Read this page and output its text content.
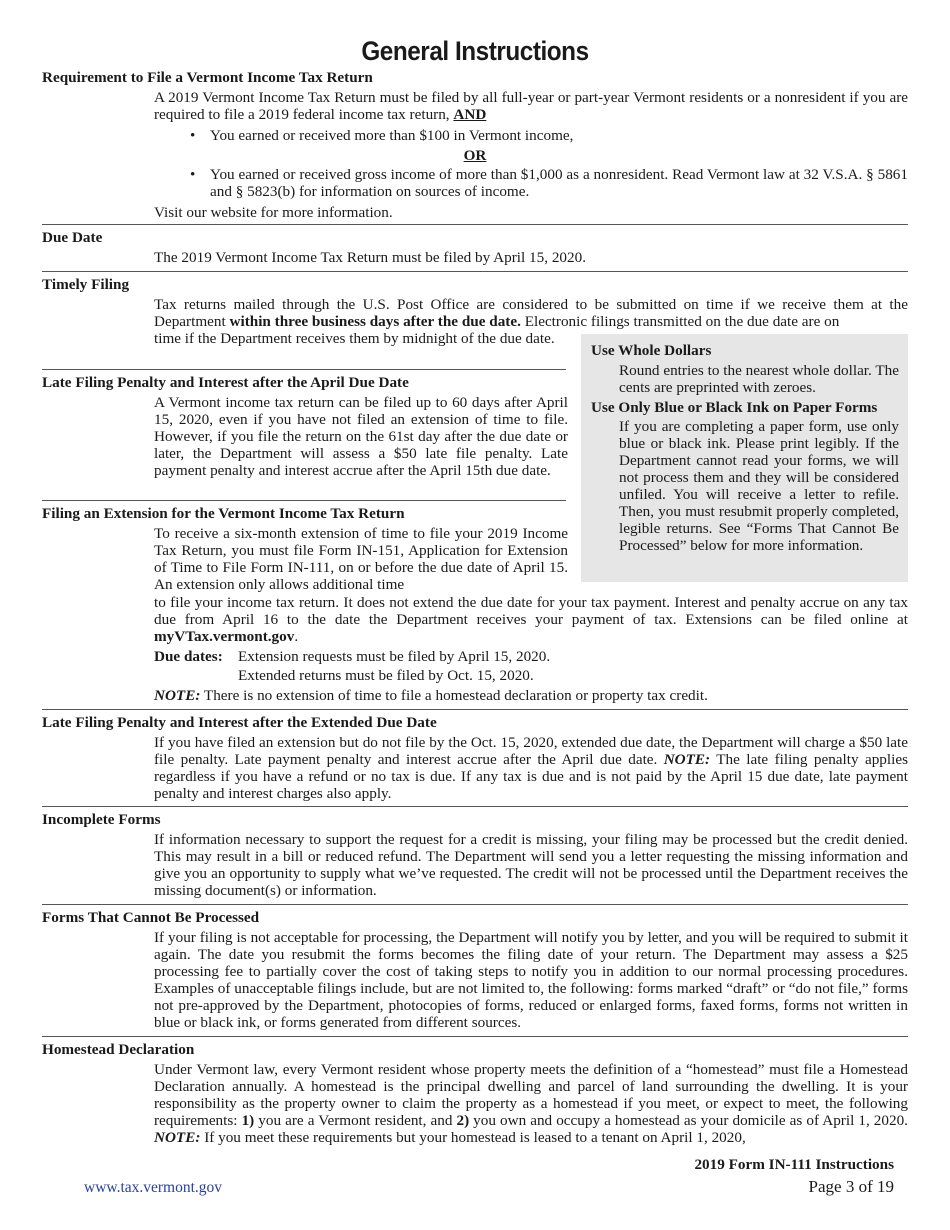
General Instructions
Requirement to File a Vermont Income Tax Return
A 2019 Vermont Income Tax Return must be filed by all full-year or part-year Vermont residents or a nonresident if you are required to file a 2019 federal income tax return, AND
• You earned or received more than $100 in Vermont income,
OR
• You earned or received gross income of more than $1,000 as a nonresident. Read Vermont law at 32 V.S.A. § 5861 and § 5823(b) for information on sources of income.
Visit our website for more information.
Due Date
The 2019 Vermont Income Tax Return must be filed by April 15, 2020.
Timely Filing
Tax returns mailed through the U.S. Post Office are considered to be submitted on time if we receive them at the Department within three business days after the due date. Electronic filings transmitted on the due date are on
time if the Department receives them by midnight of the due date.
Use Whole Dollars
Round entries to the nearest whole dollar. The cents are preprinted with zeroes.
Use Only Blue or Black Ink on Paper Forms
If you are completing a paper form, use only blue or black ink. Please print legibly. If the Department cannot read your forms, we will not process them and they will be considered unfiled. You will receive a letter to refile. Then, you must resubmit properly completed, legible returns. See “Forms That Cannot Be Processed” below for more information.
Late Filing Penalty and Interest after the April Due Date
A Vermont income tax return can be filed up to 60 days after April 15, 2020, even if you have not filed an extension of time to file. However, if you file the return on the 61st day after the due date or later, the Department will assess a $50 late file penalty. Late payment penalty and interest accrue after the April 15th due date.
Filing an Extension for the Vermont Income Tax Return
To receive a six-month extension of time to file your 2019 Income Tax Return, you must file Form IN-151, Application for Extension of Time to File Form IN-111, on or before the due date of April 15. An extension only allows additional time
to file your income tax return. It does not extend the due date for your tax payment. Interest and penalty accrue on any tax due from April 16 to the date the Department receives your payment of tax. Extensions can be filed online at myVTax.vermont.gov.
Due dates: Extension requests must be filed by April 15, 2020.
Extended returns must be filed by Oct. 15, 2020.
NOTE: There is no extension of time to file a homestead declaration or property tax credit.
Late Filing Penalty and Interest after the Extended Due Date
If you have filed an extension but do not file by the Oct. 15, 2020, extended due date, the Department will charge a $50 late file penalty. Late payment penalty and interest accrue after the April due date. NOTE: The late filing penalty applies regardless if you have a refund or no tax is due. If any tax is due and is not paid by the April 15 due date, late payment penalty and interest charges also apply.
Incomplete Forms
If information necessary to support the request for a credit is missing, your filing may be processed but the credit denied. This may result in a bill or reduced refund. The Department will send you a letter requesting the missing information and give you an opportunity to supply what we’ve requested. The credit will not be processed until the Department receives the missing document(s) or information.
Forms That Cannot Be Processed
If your filing is not acceptable for processing, the Department will notify you by letter, and you will be required to submit it again. The date you resubmit the forms becomes the filing date of your return. The Department may assess a $25 processing fee to partially cover the cost of taking steps to notify you in addition to our normal processing procedures. Examples of unacceptable filings include, but are not limited to, the following: forms marked “draft” or “do not file,” forms not pre-approved by the Department, photocopies of forms, reduced or enlarged forms, faxed forms, forms not written in blue or black ink, or forms generated from different sources.
Homestead Declaration
Under Vermont law, every Vermont resident whose property meets the definition of a “homestead” must file a Homestead Declaration annually. A homestead is the principal dwelling and parcel of land surrounding the dwelling. It is your responsibility as the property owner to claim the property as a homestead if you meet, or expect to meet, the following requirements: 1) you are a Vermont resident, and 2) you own and occupy a homestead as your domicile as of April 1, 2020. NOTE: If you meet these requirements but your homestead is leased to a tenant on April 1, 2020,
2019 Form IN-111 Instructions
Page 3 of 19
www.tax.vermont.gov
